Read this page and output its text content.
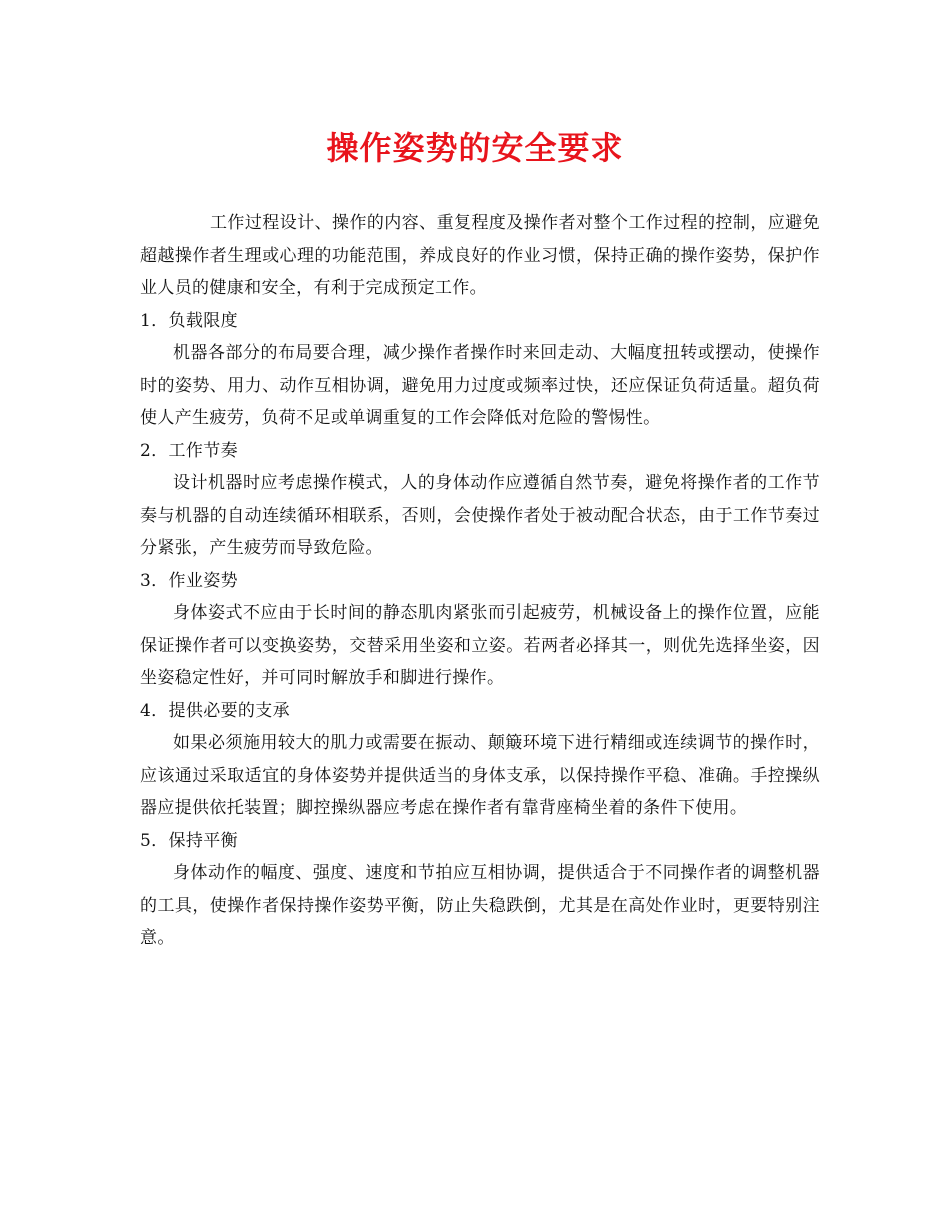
操作姿势的安全要求

工作过程设计、操作的内容、重复程度及操作者对整个工作过程的控制，应避免超越操作者生理或心理的功能范围，养成良好的作业习惯，保持正确的操作姿势，保护作业人员的健康和安全，有利于完成预定工作。

1．负载限度

机器各部分的布局要合理，减少操作者操作时来回走动、大幅度扭转或摆动，使操作时的姿势、用力、动作互相协调，避免用力过度或频率过快，还应保证负荷适量。超负荷使人产生疲劳，负荷不足或单调重复的工作会降低对危险的警惕性。

2．工作节奏

设计机器时应考虑操作模式，人的身体动作应遵循自然节奏，避免将操作者的工作节奏与机器的自动连续循环相联系，否则，会使操作者处于被动配合状态，由于工作节奏过分紧张，产生疲劳而导致危险。

3．作业姿势

身体姿式不应由于长时间的静态肌肉紧张而引起疲劳，机械设备上的操作位置，应能保证操作者可以变换姿势，交替采用坐姿和立姿。若两者必择其一，则优先选择坐姿，因坐姿稳定性好，并可同时解放手和脚进行操作。

4．提供必要的支承

如果必须施用较大的肌力或需要在振动、颠簸环境下进行精细或连续调节的操作时，应该通过采取适宜的身体姿势并提供适当的身体支承，以保持操作平稳、准确。手控操纵器应提供依托装置；脚控操纵器应考虑在操作者有靠背座椅坐着的条件下使用。

5．保持平衡

身体动作的幅度、强度、速度和节拍应互相协调，提供适合于不同操作者的调整机器的工具，使操作者保持操作姿势平衡，防止失稳跌倒，尤其是在高处作业时，更要特别注意。
